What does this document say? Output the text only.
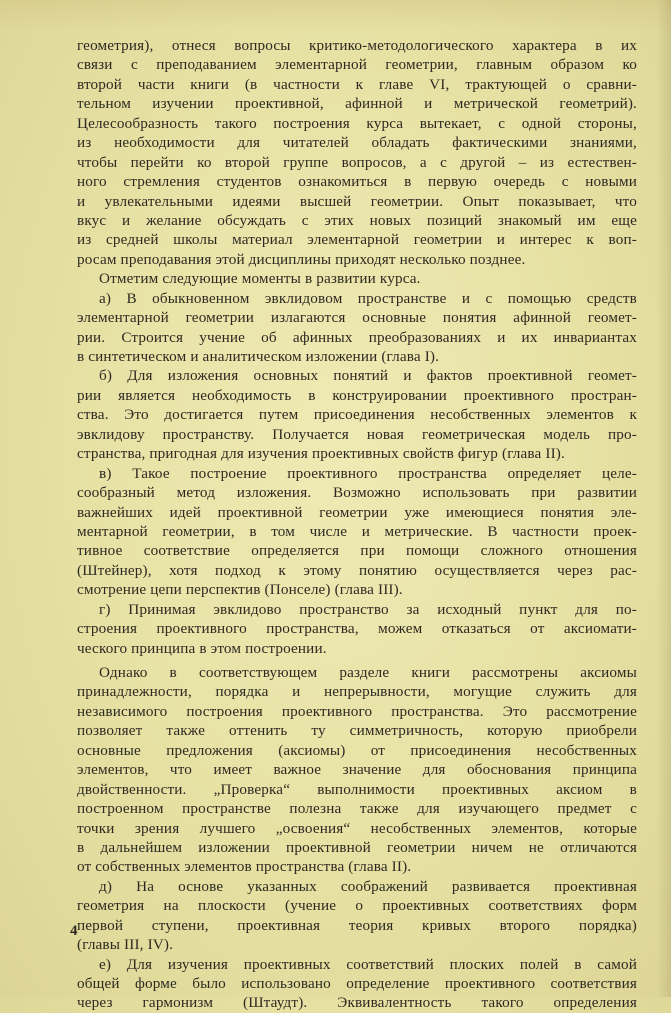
геометрия), отнеся вопросы критико-методологического характера в их
связи с преподаванием элементарной геометрии, главным образом ко
второй части книги (в частности к главе VI, трактующей о сравни-
тельном изучении проективной, афинной и метрической геометрий).
Целесообразность такого построения курса вытекает, с одной стороны,
из необходимости для читателей обладать фактическими знаниями,
чтобы перейти ко второй группе вопросов, а с другой – из естествен-
ного стремления студентов ознакомиться в первую очередь с новыми
и увлекательными идеями высшей геометрии. Опыт показывает, что
вкус и желание обсуждать с этих новых позиций знакомый им еще
из средней школы материал элементарной геометрии и интерес к воп-
росам преподавания этой дисциплины приходят несколько позднее.
Отметим следующие моменты в развитии курса.
а) В обыкновенном эвклидовом пространстве и с помощью средств
элементарной геометрии излагаются основные понятия афинной геомет-
рии. Строится учение об афинных преобразованиях и их инвариантах
в синтетическом и аналитическом изложении (глава I).
б) Для изложения основных понятий и фактов проективной геомет-
рии является необходимость в конструировании проективного простран-
ства. Это достигается путем присоединения несобственных элементов к
эвклидову пространству. Получается новая геометрическая модель про-
странства, пригодная для изучения проективных свойств фигур (глава II).
в) Такое построение проективного пространства определяет целе-
сообразный метод изложения. Возможно использовать при развитии
важнейших идей проективной геометрии уже имеющиеся понятия эле-
ментарной геометрии, в том числе и метрические. В частности проек-
тивное соответствие определяется при помощи сложного отношения
(Штейнер), хотя подход к этому понятию осуществляется через рас-
смотрение цепи перспектив (Понселе) (глава III).
г) Принимая эвклидово пространство за исходный пункт для по-
строения проективного пространства, можем отказаться от аксиомати-
ческого принципа в этом построении.
Однако в соответствующем разделе книги рассмотрены аксиомы
принадлежности, порядка и непрерывности, могущие служить для
независимого построения проективного пространства. Это рассмотрение
позволяет также оттенить ту симметричность, которую приобрели
основные предложения (аксиомы) от присоединения несобственных
элементов, что имеет важное значение для обоснования принципа
двойственности. „Проверка“ выполнимости проективных аксиом в
построенном пространстве полезна также для изучающего предмет с
точки зрения лучшего „освоения“ несобственных элементов, которые
в дальнейшем изложении проективной геометрии ничем не отличаются
от собственных элементов пространства (глава II).
д) На основе указанных соображений развивается проективная
геометрия на плоскости (учение о проективных соответствиях форм
первой ступени, проективная теория кривых второго порядка)
(главы III, IV).
е) Для изучения проективных соответствий плоских полей в самой
общей форме было использовано определение проективного соответствия
через гармонизм (Штаудт). Эквивалентность такого определения
4
